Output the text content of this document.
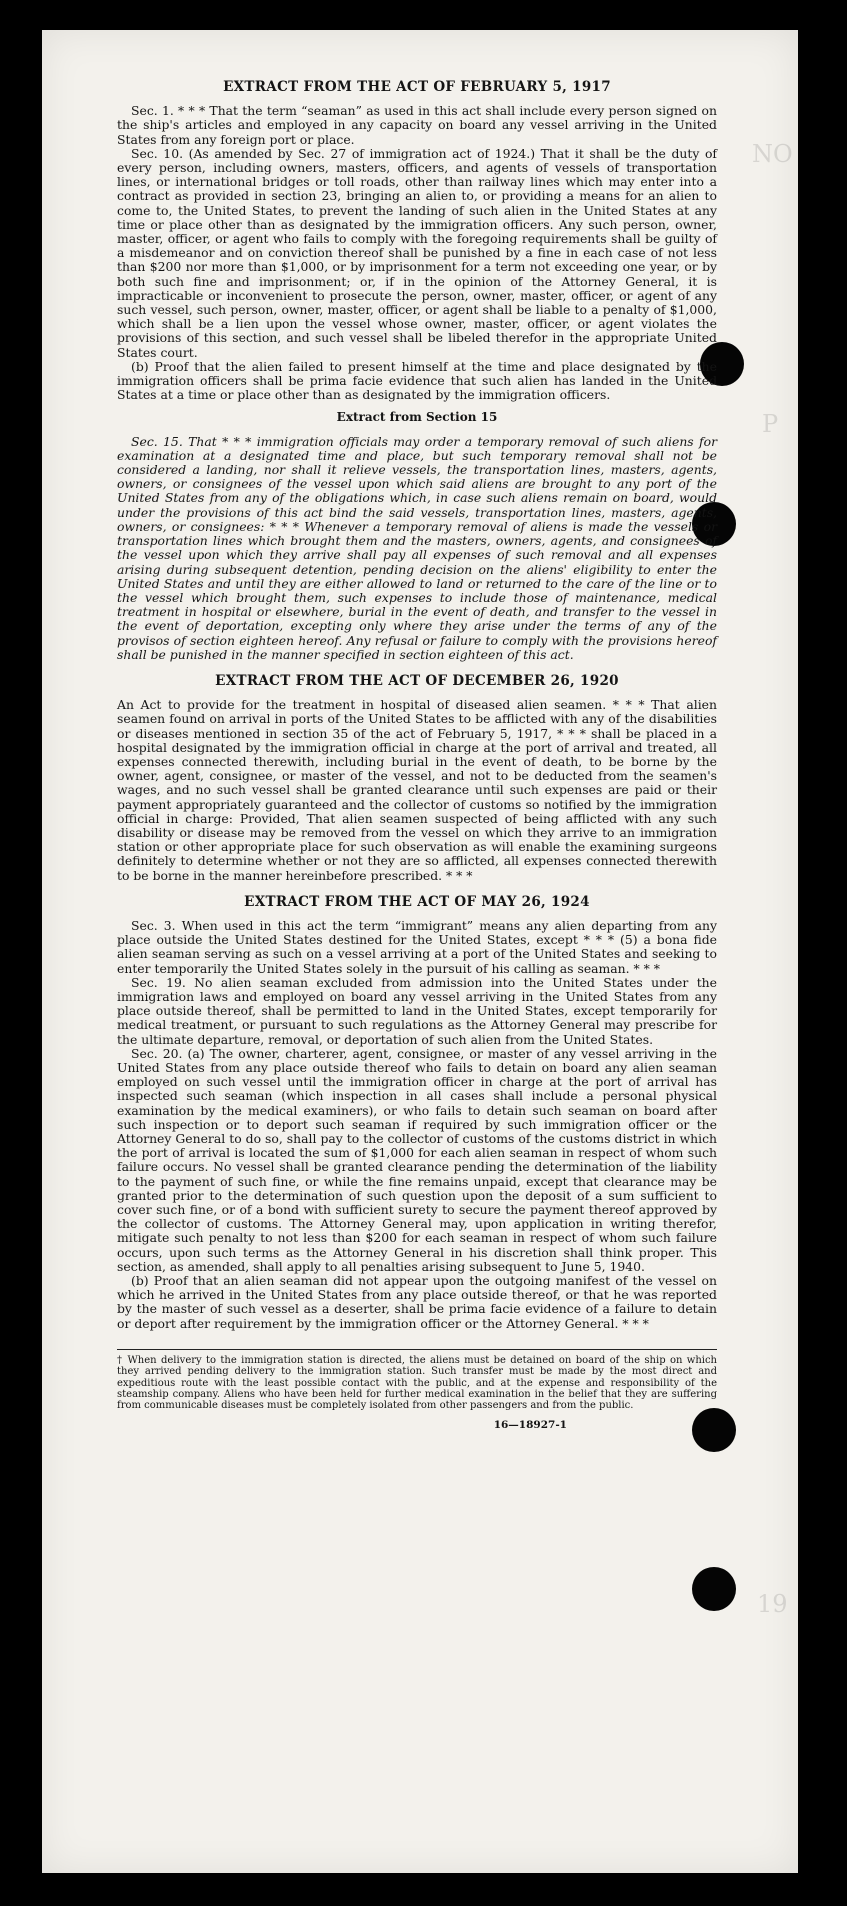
NO
P
19
EXTRACT FROM THE ACT OF FEBRUARY 5, 1917

Sec. 1. * * * That the term “seaman” as used in this act shall include every person signed on the ship's articles and employed in any capacity on board any vessel arriving in the United States from any foreign port or place.

Sec. 10. (As amended by Sec. 27 of immigration act of 1924.) That it shall be the duty of every person, including owners, masters, officers, and agents of vessels of transportation lines, or international bridges or toll roads, other than railway lines which may enter into a contract as provided in section 23, bringing an alien to, or providing a means for an alien to come to, the United States, to prevent the landing of such alien in the United States at any time or place other than as designated by the immigration officers. Any such person, owner, master, officer, or agent who fails to comply with the foregoing requirements shall be guilty of a misdemeanor and on conviction thereof shall be punished by a fine in each case of not less than $200 nor more than $1,000, or by imprisonment for a term not exceeding one year, or by both such fine and imprisonment; or, if in the opinion of the Attorney General, it is impracticable or inconvenient to prosecute the person, owner, master, officer, or agent of any such vessel, such person, owner, master, officer, or agent shall be liable to a penalty of $1,000, which shall be a lien upon the vessel whose owner, master, officer, or agent violates the provisions of this section, and such vessel shall be libeled therefor in the appropriate United States court.

(b) Proof that the alien failed to present himself at the time and place designated by the immigration officers shall be prima facie evidence that such alien has landed in the United States at a time or place other than as designated by the immigration officers.

Extract from Section 15

Sec. 15. That * * * immigration officials may order a temporary removal of such aliens for examination at a designated time and place, but such temporary removal shall not be considered a landing, nor shall it relieve vessels, the transportation lines, masters, agents, owners, or consignees of the vessel upon which said aliens are brought to any port of the United States from any of the obligations which, in case such aliens remain on board, would under the provisions of this act bind the said vessels, transportation lines, masters, agents, owners, or consignees: * * * Whenever a temporary removal of aliens is made the vessels or transportation lines which brought them and the masters, owners, agents, and consignees of the vessel upon which they arrive shall pay all expenses of such removal and all expenses arising during subsequent detention, pending decision on the aliens' eligibility to enter the United States and until they are either allowed to land or returned to the care of the line or to the vessel which brought them, such expenses to include those of maintenance, medical treatment in hospital or elsewhere, burial in the event of death, and transfer to the vessel in the event of deportation, excepting only where they arise under the terms of any of the provisos of section eighteen hereof. Any refusal or failure to comply with the provisions hereof shall be punished in the manner specified in section eighteen of this act.

EXTRACT FROM THE ACT OF DECEMBER 26, 1920

An Act to provide for the treatment in hospital of diseased alien seamen. * * * That alien seamen found on arrival in ports of the United States to be afflicted with any of the disabilities or diseases mentioned in section 35 of the act of February 5, 1917, * * * shall be placed in a hospital designated by the immigration official in charge at the port of arrival and treated, all expenses connected therewith, including burial in the event of death, to be borne by the owner, agent, consignee, or master of the vessel, and not to be deducted from the seamen's wages, and no such vessel shall be granted clearance until such expenses are paid or their payment appropriately guaranteed and the collector of customs so notified by the immigration official in charge: Provided, That alien seamen suspected of being afflicted with any such disability or disease may be removed from the vessel on which they arrive to an immigration station or other appropriate place for such observation as will enable the examining surgeons definitely to determine whether or not they are so afflicted, all expenses connected therewith to be borne in the manner hereinbefore prescribed. * * *

EXTRACT FROM THE ACT OF MAY 26, 1924

Sec. 3. When used in this act the term “immigrant” means any alien departing from any place outside the United States destined for the United States, except * * * (5) a bona fide alien seaman serving as such on a vessel arriving at a port of the United States and seeking to enter temporarily the United States solely in the pursuit of his calling as seaman. * * *

Sec. 19. No alien seaman excluded from admission into the United States under the immigration laws and employed on board any vessel arriving in the United States from any place outside thereof, shall be permitted to land in the United States, except temporarily for medical treatment, or pursuant to such regulations as the Attorney General may prescribe for the ultimate departure, removal, or deportation of such alien from the United States.

Sec. 20. (a) The owner, charterer, agent, consignee, or master of any vessel arriving in the United States from any place outside thereof who fails to detain on board any alien seaman employed on such vessel until the immigration officer in charge at the port of arrival has inspected such seaman (which inspection in all cases shall include a personal physical examination by the medical examiners), or who fails to detain such seaman on board after such inspection or to deport such seaman if required by such immigration officer or the Attorney General to do so, shall pay to the collector of customs of the customs district in which the port of arrival is located the sum of $1,000 for each alien seaman in respect of whom such failure occurs. No vessel shall be granted clearance pending the determination of the liability to the payment of such fine, or while the fine remains unpaid, except that clearance may be granted prior to the determination of such question upon the deposit of a sum sufficient to cover such fine, or of a bond with sufficient surety to secure the payment thereof approved by the collector of customs. The Attorney General may, upon application in writing therefor, mitigate such penalty to not less than $200 for each seaman in respect of whom such failure occurs, upon such terms as the Attorney General in his discretion shall think proper. This section, as amended, shall apply to all penalties arising subsequent to June 5, 1940.

(b) Proof that an alien seaman did not appear upon the outgoing manifest of the vessel on which he arrived in the United States from any place outside thereof, or that he was reported by the master of such vessel as a deserter, shall be prima facie evidence of a failure to detain or deport after requirement by the immigration officer or the Attorney General. * * *

† When delivery to the immigration station is directed, the aliens must be detained on board of the ship on which they arrived pending delivery to the immigration station. Such transfer must be made by the most direct and expeditious route with the least possible contact with the public, and at the expense and responsibility of the steamship company. Aliens who have been held for further medical examination in the belief that they are suffering from communicable diseases must be completely isolated from other passengers and from the public.
16—18927-1
